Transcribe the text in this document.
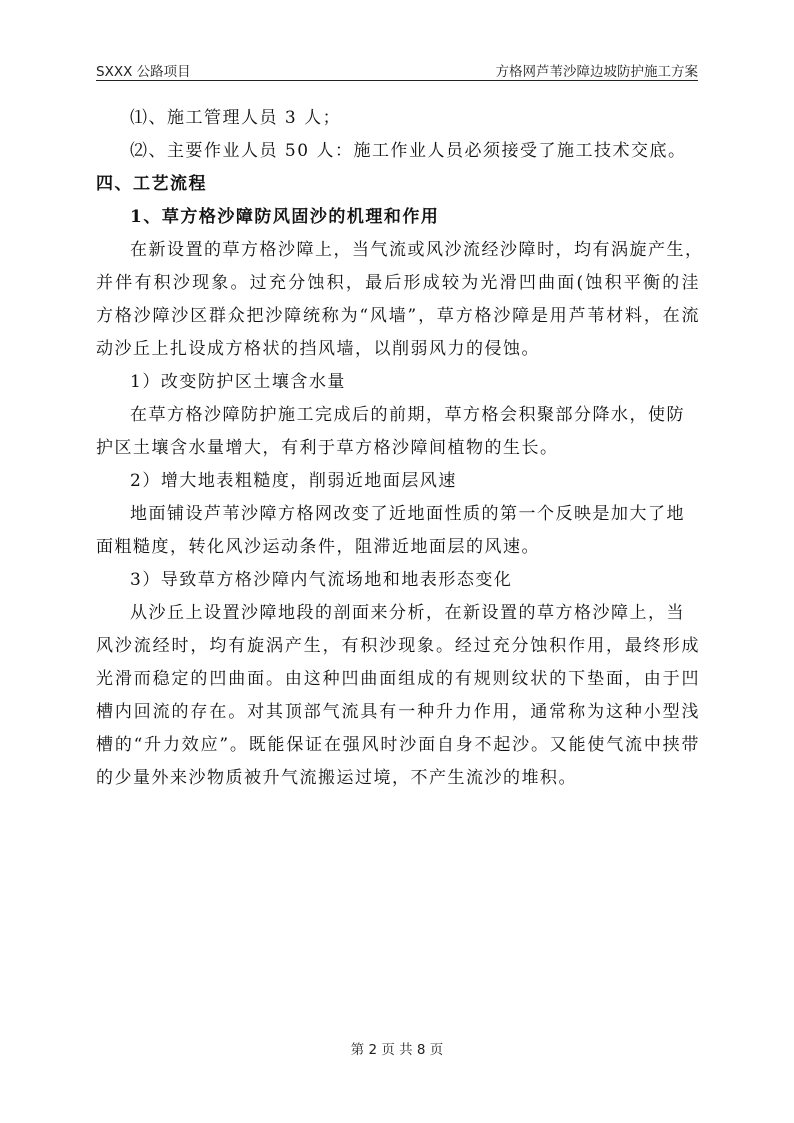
SXXX 公路项目	方格网芦苇沙障边坡防护施工方案
⑴、施工管理人员 3 人；
⑵、主要作业人员 50 人：施工作业人员必须接受了施工技术交底。
四、工艺流程
1、草方格沙障防风固沙的机理和作用
在新设置的草方格沙障上，当气流或风沙流经沙障时，均有涡旋产生，
并伴有积沙现象。过充分蚀积，最后形成较为光滑凹曲面(蚀积平衡的洼
方格沙障沙区群众把沙障统称为“风墙”，草方格沙障是用芦苇材料，在流
动沙丘上扎设成方格状的挡风墙，以削弱风力的侵蚀。
1）改变防护区土壤含水量
在草方格沙障防护施工完成后的前期，草方格会积聚部分降水，使防
护区土壤含水量增大，有利于草方格沙障间植物的生长。
2）增大地表粗糙度，削弱近地面层风速
地面铺设芦苇沙障方格网改变了近地面性质的第一个反映是加大了地
面粗糙度，转化风沙运动条件，阻滞近地面层的风速。
3）导致草方格沙障内气流场地和地表形态变化
从沙丘上设置沙障地段的剖面来分析，在新设置的草方格沙障上，当
风沙流经时，均有旋涡产生，有积沙现象。经过充分蚀积作用，最终形成
光滑而稳定的凹曲面。由这种凹曲面组成的有规则纹状的下垫面，由于凹
槽内回流的存在。对其顶部气流具有一种升力作用，通常称为这种小型浅
槽的“升力效应”。既能保证在强风时沙面自身不起沙。又能使气流中挟带
的少量外来沙物质被升气流搬运过境，不产生流沙的堆积。
第 2 页 共 8 页
